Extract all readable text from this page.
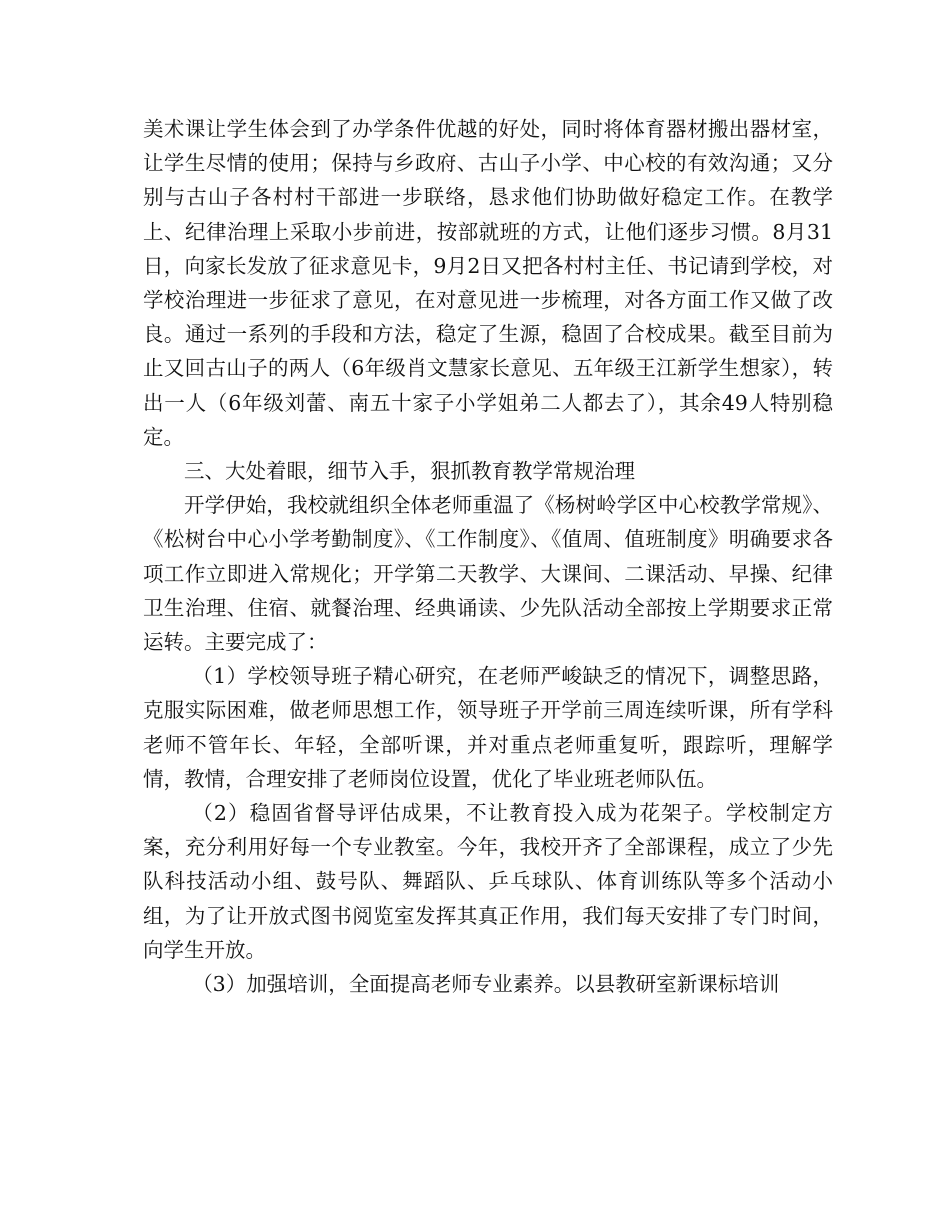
美术课让学生体会到了办学条件优越的好处，同时将体育器材搬出器材室，让学生尽情的使用；保持与乡政府、古山子小学、中心校的有效沟通；又分别与古山子各村村干部进一步联络，恳求他们协助做好稳定工作。在教学上、纪律治理上采取小步前进，按部就班的方式，让他们逐步习惯。8月31日，向家长发放了征求意见卡，9月2日又把各村村主任、书记请到学校，对学校治理进一步征求了意见，在对意见进一步梳理，对各方面工作又做了改良。通过一系列的手段和方法，稳定了生源，稳固了合校成果。截至目前为止又回古山子的两人（6年级肖文慧家长意见、五年级王江新学生想家），转出一人（6年级刘蕾、南五十家子小学姐弟二人都去了），其余49人特别稳定。

三、大处着眼，细节入手，狠抓教育教学常规治理

开学伊始，我校就组织全体老师重温了《杨树岭学区中心校教学常规》、《松树台中心小学考勤制度》、《工作制度》、《值周、值班制度》明确要求各项工作立即进入常规化；开学第二天教学、大课间、二课活动、早操、纪律卫生治理、住宿、就餐治理、经典诵读、少先队活动全部按上学期要求正常运转。主要完成了：

（1）学校领导班子精心研究，在老师严峻缺乏的情况下，调整思路，克服实际困难，做老师思想工作，领导班子开学前三周连续听课，所有学科老师不管年长、年轻，全部听课，并对重点老师重复听，跟踪听，理解学情，教情，合理安排了老师岗位设置，优化了毕业班老师队伍。

（2）稳固省督导评估成果，不让教育投入成为花架子。学校制定方案，充分利用好每一个专业教室。今年，我校开齐了全部课程，成立了少先队科技活动小组、鼓号队、舞蹈队、乒乓球队、体育训练队等多个活动小组，为了让开放式图书阅览室发挥其真正作用，我们每天安排了专门时间，向学生开放。

（3）加强培训，全面提高老师专业素养。以县教研室新课标培训
